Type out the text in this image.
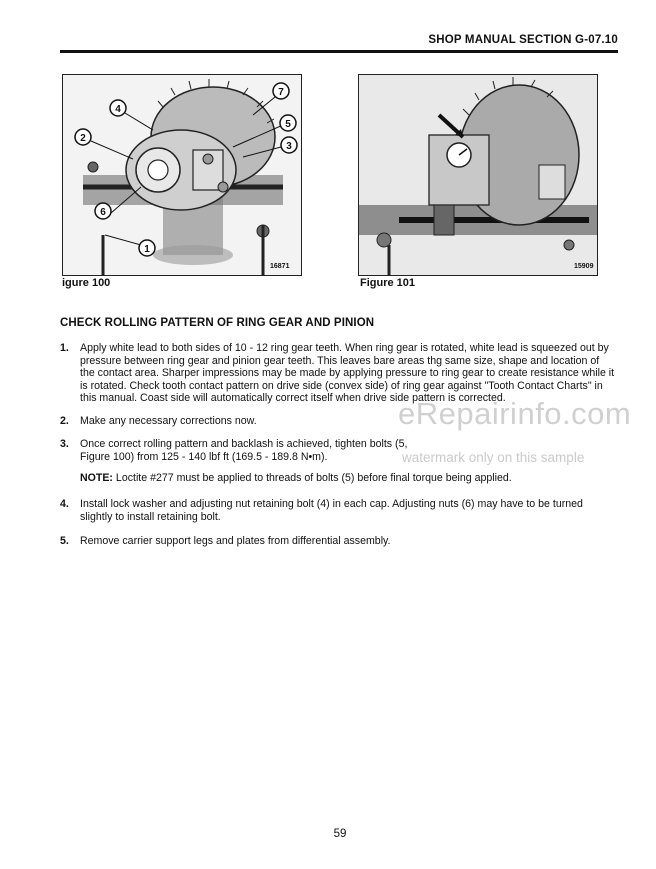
SHOP MANUAL SECTION G-07.10
4
2
3
5
7
6
1
16871
igure 100
15909
Figure 101
CHECK ROLLING PATTERN OF RING GEAR AND PINION
1. Apply white lead to both sides of 10 - 12 ring gear teeth. When ring gear is rotated, white lead is squeezed out by pressure between ring gear and pinion gear teeth. This leaves bare areas thg same size, shape and location of the contact area. Sharper impressions may be made by applying pressure to ring gear to create resistance while it is rotated. Check tooth contact pattern on drive side (convex side) of ring gear against "Tooth Contact Charts" in this manual. Coast side will automatically correct itself when drive side pattern is corrected.
2. Make any necessary corrections now.
3. Once correct rolling pattern and backlash is achieved, tighten bolts (5, Figure 100) from 125 - 140 lbf ft (169.5 - 189.8 N•m).
NOTE: Loctite #277 must be applied to threads of bolts (5) before final torque being applied.
4. Install lock washer and adjusting nut retaining bolt (4) in each cap. Adjusting nuts (6) may have to be turned slightly to install retaining bolt.
5. Remove carrier support legs and plates from differential assembly.
eRepairinfo.com
watermark only on this sample
59
